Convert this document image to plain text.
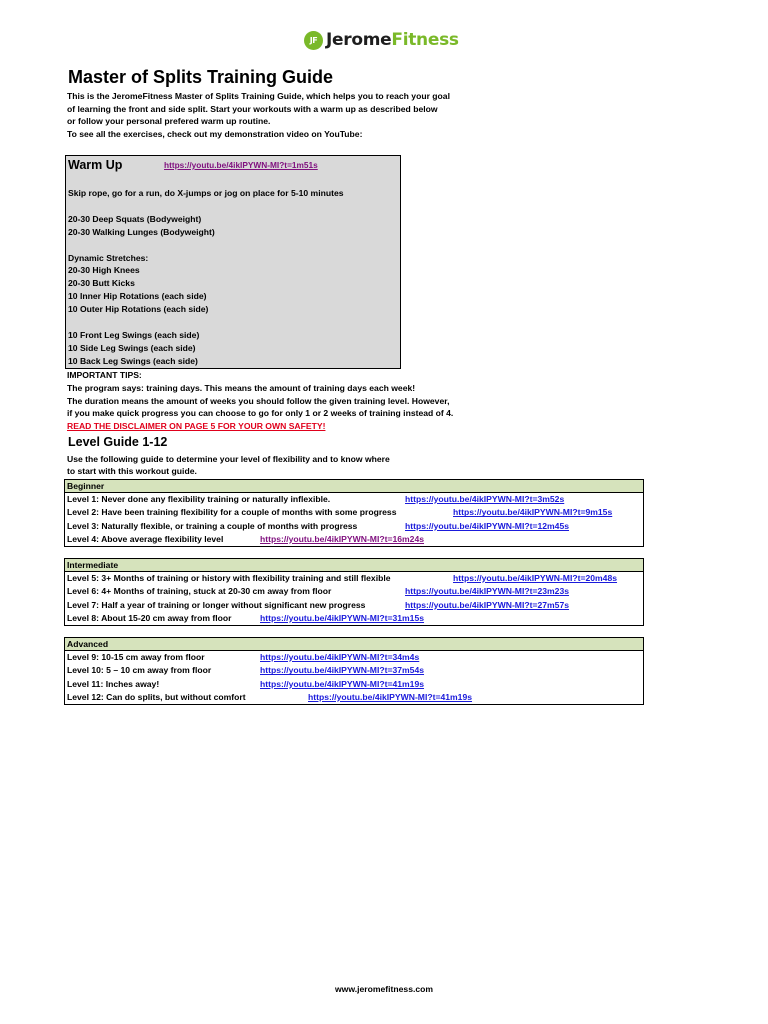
JF JeromeFitness
Master of Splits Training Guide
This is the JeromeFitness Master of Splits Training Guide, which helps you to reach your goal
of learning the front and side split. Start your workouts with a warm up as described below
or follow your personal prefered warm up routine.
To see all the exercises, check out my demonstration video on YouTube:
Warm Up	https://youtu.be/4ikIPYWN-MI?t=1m51s
Skip rope, go for a run, do X-jumps or jog on place for 5-10 minutes
20-30 Deep Squats (Bodyweight)
20-30 Walking Lunges (Bodyweight)
Dynamic Stretches:
20-30 High Knees
20-30 Butt Kicks
10 Inner Hip Rotations (each side)
10 Outer Hip Rotations (each side)
10 Front Leg Swings (each side)
10 Side Leg Swings (each side)
10 Back Leg Swings (each side)
IMPORTANT TIPS:
The program says: training days. This means the amount of training days each week!
The duration means the amount of weeks you should follow the given training level. However,
if you make quick progress you can choose to go for only 1 or 2 weeks of training instead of 4.
READ THE DISCLAIMER ON PAGE 5 FOR YOUR OWN SAFETY!
Level Guide 1-12
Use the following guide to determine your level of flexibility and to know where
to start with this workout guide.
Beginner
Level 1: Never done any flexibility training or naturally inflexible.	https://youtu.be/4ikIPYWN-MI?t=3m52s
Level 2: Have been training flexibility for a couple of months with some progress	https://youtu.be/4ikIPYWN-MI?t=9m15s
Level 3: Naturally flexible, or training a couple of months with progress	https://youtu.be/4ikIPYWN-MI?t=12m45s
Level 4: Above average flexibility level	https://youtu.be/4ikIPYWN-MI?t=16m24s
Intermediate
Level 5: 3+ Months of training or history with flexibility training and still flexible	https://youtu.be/4ikIPYWN-MI?t=20m48s
Level 6: 4+ Months of training, stuck at 20-30 cm away from floor	https://youtu.be/4ikIPYWN-MI?t=23m23s
Level 7: Half a year of training or longer without significant new progress	https://youtu.be/4ikIPYWN-MI?t=27m57s
Level 8: About 15-20 cm away from floor	https://youtu.be/4ikIPYWN-MI?t=31m15s
Advanced
Level 9: 10-15 cm away from floor	https://youtu.be/4ikIPYWN-MI?t=34m4s
Level 10: 5 – 10 cm away from floor	https://youtu.be/4ikIPYWN-MI?t=37m54s
Level 11: Inches away!	https://youtu.be/4ikIPYWN-MI?t=41m19s
Level 12: Can do splits, but without comfort	https://youtu.be/4ikIPYWN-MI?t=41m19s
www.jeromefitness.com
